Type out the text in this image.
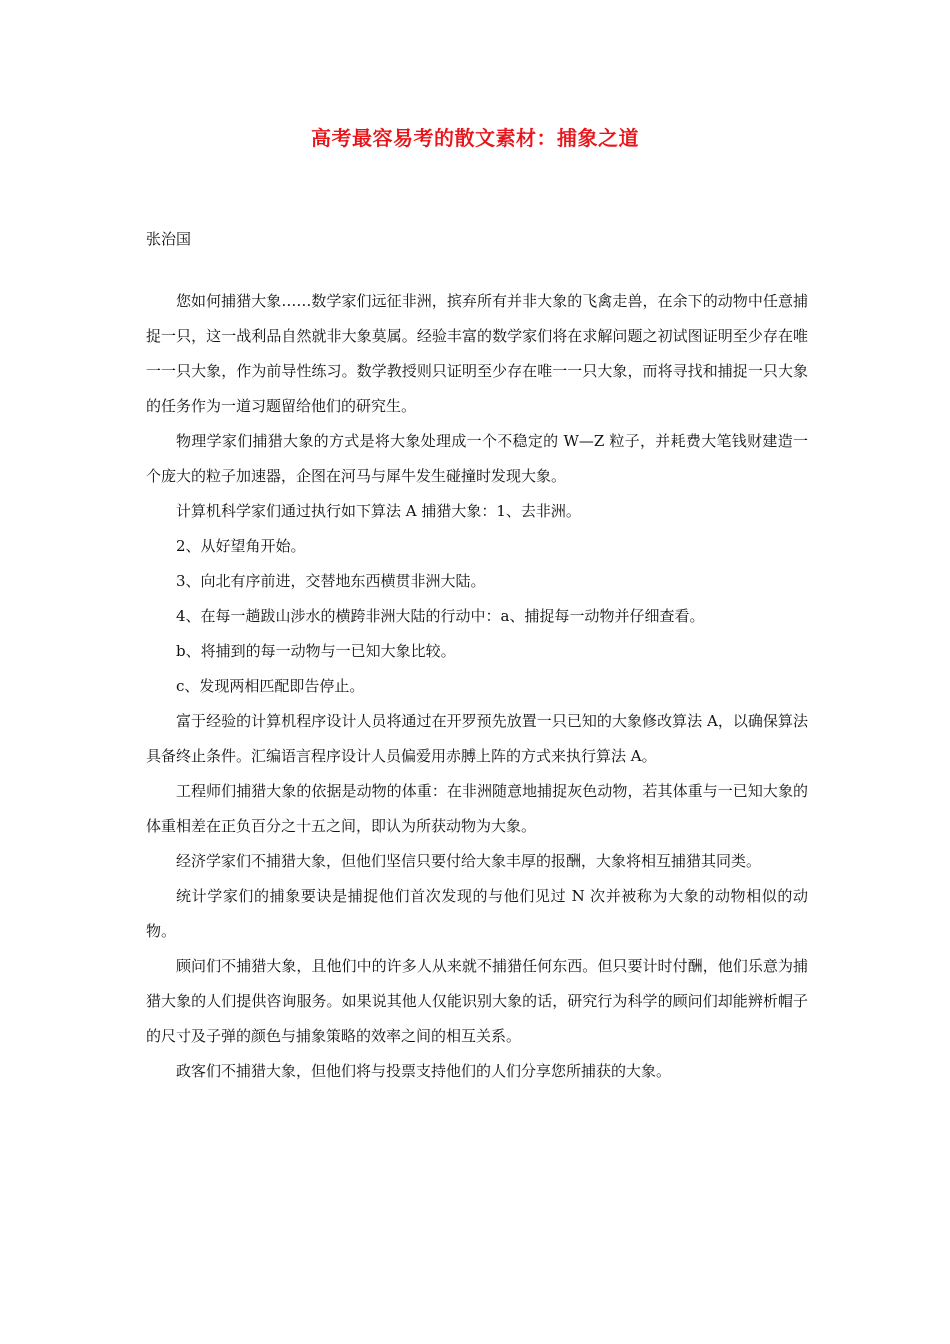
高考最容易考的散文素材：捕象之道
张治国

您如何捕猎大象……数学家们远征非洲，摈弃所有并非大象的飞禽走兽，在余下的动物中任意捕捉一只，这一战利品自然就非大象莫属。经验丰富的数学家们将在求解问题之初试图证明至少存在唯一一只大象，作为前导性练习。数学教授则只证明至少存在唯一一只大象，而将寻找和捕捉一只大象的任务作为一道习题留给他们的研究生。

物理学家们捕猎大象的方式是将大象处理成一个不稳定的 W—Z 粒子，并耗费大笔钱财建造一个庞大的粒子加速器，企图在河马与犀牛发生碰撞时发现大象。

计算机科学家们通过执行如下算法 A 捕猎大象：1、去非洲。

2、从好望角开始。

3、向北有序前进，交替地东西横贯非洲大陆。

4、在每一趟跋山涉水的横跨非洲大陆的行动中：a、捕捉每一动物并仔细查看。

b、将捕到的每一动物与一已知大象比较。

c、发现两相匹配即告停止。

富于经验的计算机程序设计人员将通过在开罗预先放置一只已知的大象修改算法 A，以确保算法具备终止条件。汇编语言程序设计人员偏爱用赤膊上阵的方式来执行算法 A。

工程师们捕猎大象的依据是动物的体重：在非洲随意地捕捉灰色动物，若其体重与一已知大象的体重相差在正负百分之十五之间，即认为所获动物为大象。

经济学家们不捕猎大象，但他们坚信只要付给大象丰厚的报酬，大象将相互捕猎其同类。

统计学家们的捕象要诀是捕捉他们首次发现的与他们见过 N 次并被称为大象的动物相似的动物。

顾问们不捕猎大象，且他们中的许多人从来就不捕猎任何东西。但只要计时付酬，他们乐意为捕猎大象的人们提供咨询服务。如果说其他人仅能识别大象的话，研究行为科学的顾问们却能辨析帽子的尺寸及子弹的颜色与捕象策略的效率之间的相互关系。

政客们不捕猎大象，但他们将与投票支持他们的人们分享您所捕获的大象。
